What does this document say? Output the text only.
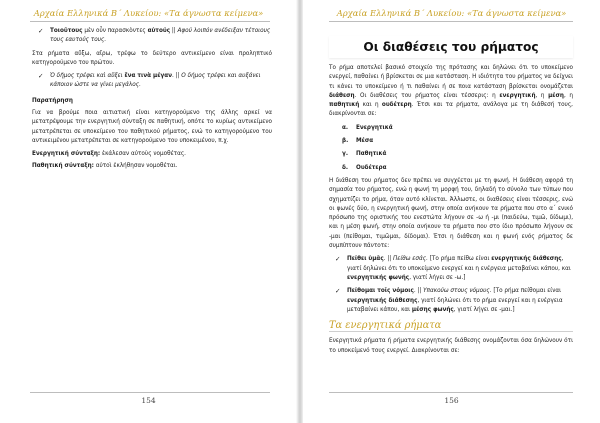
Αρχαία Ελληνικά Β΄ Λυκείου: «Τα άγνωστα κείμενα»
✓ Τοιοῦτους μὲν οὖν παρασκὸντες αὑτούς || Αφού λοιπόν ανέδειξαν τέτοιους τους εαυτούς τους.

Στα ρήματα αὔξω, αἴρω, τρέφω το δεύτερο αντικείμενο είναι προληπτικό κατηγορούμενο του πρώτου.

✓ Ὁ δῆμος τρέφει καὶ αὔξει ἕνα τινὰ μέγαν. || Ο δήμος τρέφει και αυξάνει κάποιον ώστε να γίνει μεγάλος.
Παρατήρηση

Για να βρούμε ποια αιτιατική είναι κατηγορούμενο της άλλης αρκεί να μετατρέψουμε την ενεργητική σύνταξη σε παθητική, οπότε το κυρίως αντικείμενο μετατρέπεται σε υποκείμενο του παθητικού ρήματος, ενώ το κατηγορούμενο του αντικειμένου μετατρέπεται σε κατηγορούμενο του υποκειμένου, π.χ.

Ενεργητική σύνταξη: ἐκάλεσαν αὐτοὺς νομοθέτας.
Παθητική σύνταξη: αὐτοὶ ἐκλήθησαν νομοθέται.
154
Αρχαία Ελληνικά Β΄ Λυκείου: «Τα άγνωστα κείμενα»
Οι διαθέσεις του ρήματος

Το ρήμα αποτελεί βασικό στοιχείο της πρότασης και δηλώνει ότι το υποκείμενο ενεργεί, παθαίνει ή βρίσκεται σε μια κατάσταση. Η ιδιότητα του ρήματος να δείχνει τι κάνει το υποκείμενο ή τι παθαίνει ή σε ποια κατάσταση βρίσκεται ονομάζεται διάθεση. Οι διαθέσεις του ρήματος είναι τέσσερις: η ενεργητική, η μέση, η παθητική και η ουδέτερη. Έτσι και τα ρήματα, ανάλογα με τη διάθεσή τους, διακρίνονται σε:

α. Ενεργητικά
β. Μέσα
γ. Παθητικά
δ. Ουδέτερα

Η διάθεση του ρήματος δεν πρέπει να συγχέεται με τη φωνή. Η διάθεση αφορά τη σημασία του ρήματος, ενώ η φωνή τη μορφή του, δηλαδή το σύνολο των τύπων που σχηματίζει το ρήμα, όταν αυτό κλίνεται. Άλλωστε, οι διαθέσεις είναι τέσσερις, ενώ οι φωνές δύο, η ενεργητική φωνή, στην οποία ανήκουν τα ρήματα που στο α΄ ενικό πρόσωπο της οριστικής του ενεστώτα λήγουν σε -ω ή -μι (παιδεύω, τιμῶ, δίδωμι), και η μέση φωνή, στην οποία ανήκουν τα ρήματα που στο ίδιο πρόσωπο λήγουν σε -μαι (πείθομαι, τιμῶμαι, δίδομαι). Έτσι η διάθεση και η φωνή ενός ρήματος δε συμπίπτουν πάντοτε:

✓ Πείθει ὑμᾶς. || Πείθω εσάς. [Το ρήμα πείθω είναι ενεργητικής διάθεσης, γιατί δηλώνει ότι το υποκείμενο ενεργεί και η ενέργεια μεταβαίνει κάπου, και ενεργητικής φωνής, γιατί λήγει σε -ω.]
✓ Πείθομαι τοῖς νόμοις. || Υπακούω στους νόμους. [Το ρήμα πείθομαι είναι ενεργητικής διάθεσης, γιατί δηλώνει ότι το ρήμα ενεργεί και η ενέργεια μεταβαίνει κάπου, και μέσης φωνής, γιατί λήγει σε -μαι.]
Τα ενεργητικά ρήματα

Ενεργητικά ρήματα ή ρήματα ενεργητικής διάθεσης ονομάζονται όσα δηλώνουν ότι το υποκείμενό τους ενεργεί. Διακρίνονται σε:

156
